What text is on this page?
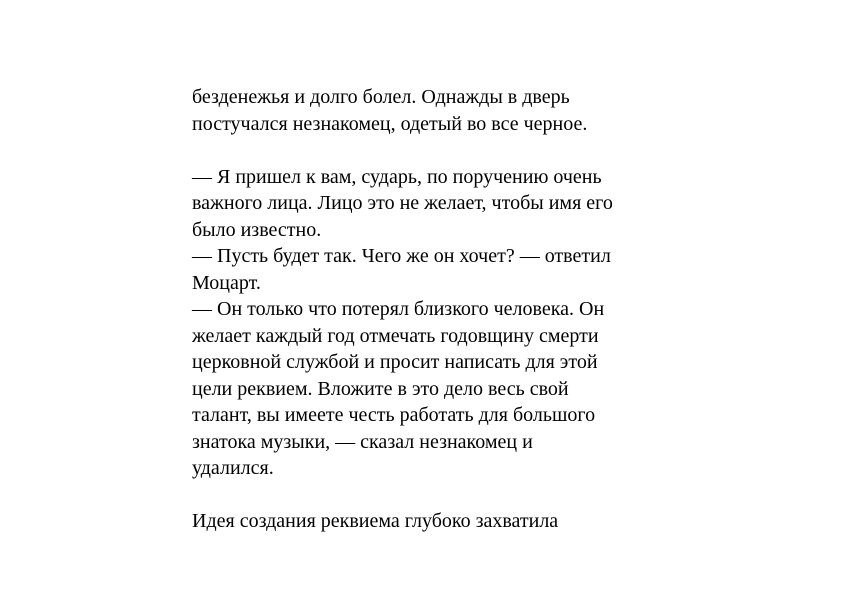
безденежья и долго болел. Однажды в дверь
постучался незнакомец, одетый во все черное.
— Я пришел к вам, сударь, по поручению очень
важного лица. Лицо это не желает, чтобы имя его
было известно.
— Пусть будет так. Чего же он хочет? — ответил
Моцарт.
— Он только что потерял близкого человека. Он
желает каждый год отмечать годовщину смерти
церковной службой и просит написать для этой
цели реквием. Вложите в это дело весь свой
талант, вы имеете честь работать для большого
знатока музыки, — сказал незнакомец и
удалился.
Идея создания реквиема глубоко захватила
